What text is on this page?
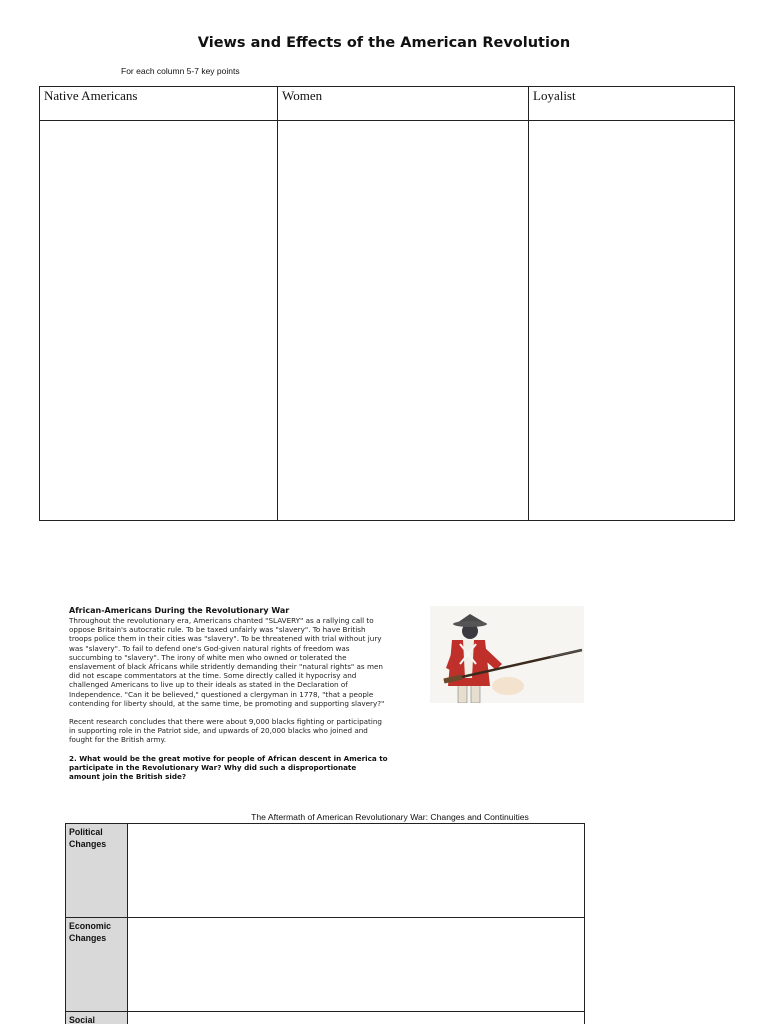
Views and Effects of the American Revolution
For each column 5-7 key points
Native Americans	Women	Loyalist

African-Americans During the Revolutionary War
Throughout the revolutionary era, Americans chanted "SLAVERY" as a rallying call to oppose Britain's autocratic rule. To be taxed unfairly was "slavery". To have British troops police them in their cities was "slavery". To be threatened with trial without jury was "slavery". To fail to defend one's God-given natural rights of freedom was succumbing to "slavery". The irony of white men who owned or tolerated the enslavement of black Africans while stridently demanding their "natural rights" as men did not escape commentators at the time. Some directly called it hypocrisy and challenged Americans to live up to their ideals as stated in the Declaration of Independence. "Can it be believed," questioned a clergyman in 1778, "that a people contending for liberty should, at the same time, be promoting and supporting slavery?"
Recent research concludes that there were about 9,000 blacks fighting or participating in supporting role in the Patriot side, and upwards of 20,000 blacks who joined and fought for the British army.
2. What would be the great motive for people of African descent in America to participate in the Revolutionary War? Why did such a disproportionate amount join the British side?
The Aftermath of American Revolutionary War: Changes and Continuities
Political Changes	
Economic Changes	
Social	
